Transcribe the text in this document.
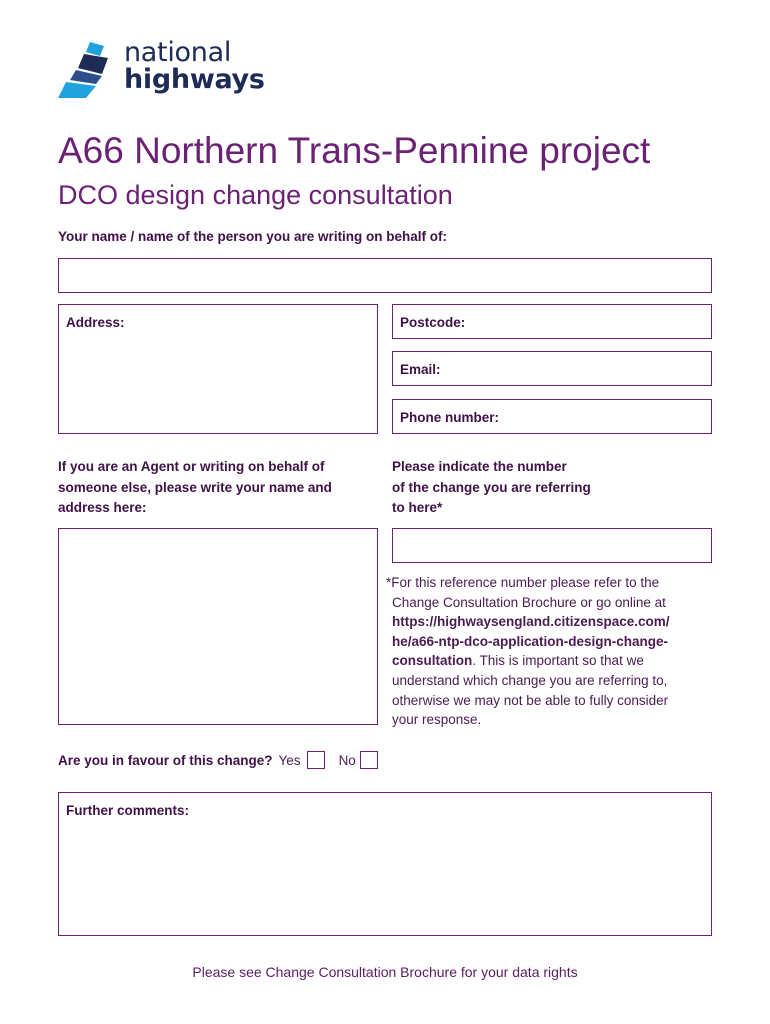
national
highways
A66 Northern Trans-Pennine project
DCO design change consultation
Your name / name of the person you are writing on behalf of:
Address:	Postcode:
Email:
Phone number:
If you are an Agent or writing on behalf of
someone else, please write your name and
address here:
Please indicate the number
of the change you are referring
to here*
*For this reference number please refer to the
Change Consultation Brochure or go online at
https://highwaysengland.citizenspace.com/
he/a66-ntp-dco-application-design-change-
consultation. This is important so that we
understand which change you are referring to,
otherwise we may not be able to fully consider
your response.
Are you in favour of this change? Yes	No
Further comments:
Please see Change Consultation Brochure for your data rights
